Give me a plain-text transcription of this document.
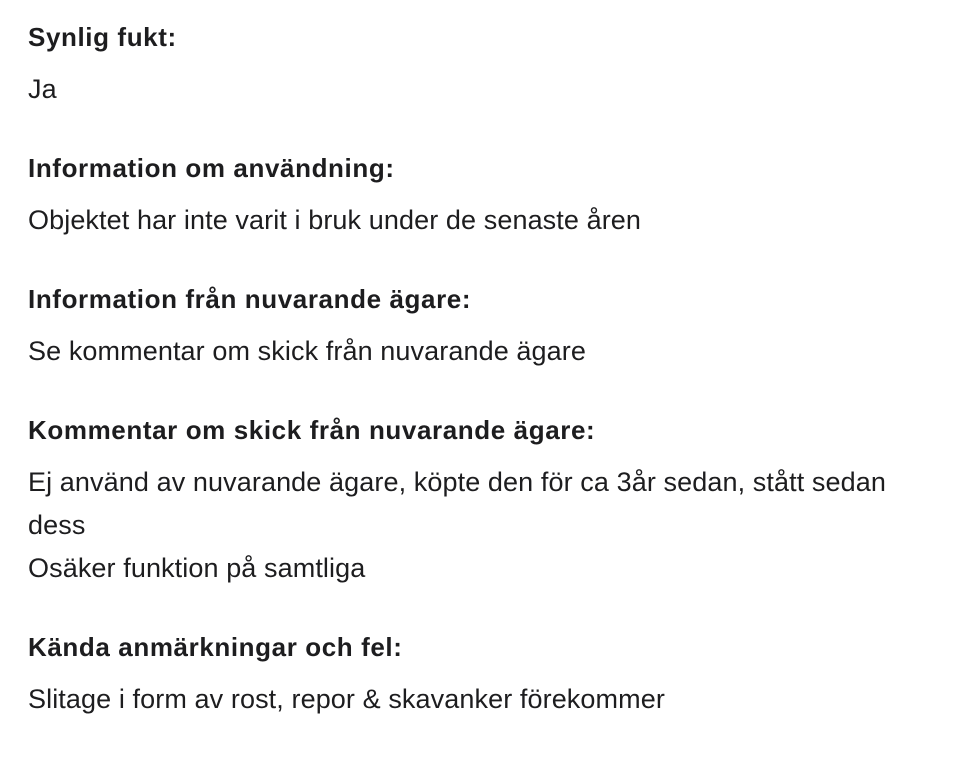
Synlig fukt:

Ja

Information om användning:

Objektet har inte varit i bruk under de senaste åren

Information från nuvarande ägare:

Se kommentar om skick från nuvarande ägare

Kommentar om skick från nuvarande ägare:

Ej använd av nuvarande ägare, köpte den för ca 3år sedan, stått sedan dess

Osäker funktion på samtliga

Kända anmärkningar och fel:

Slitage i form av rost, repor & skavanker förekommer
